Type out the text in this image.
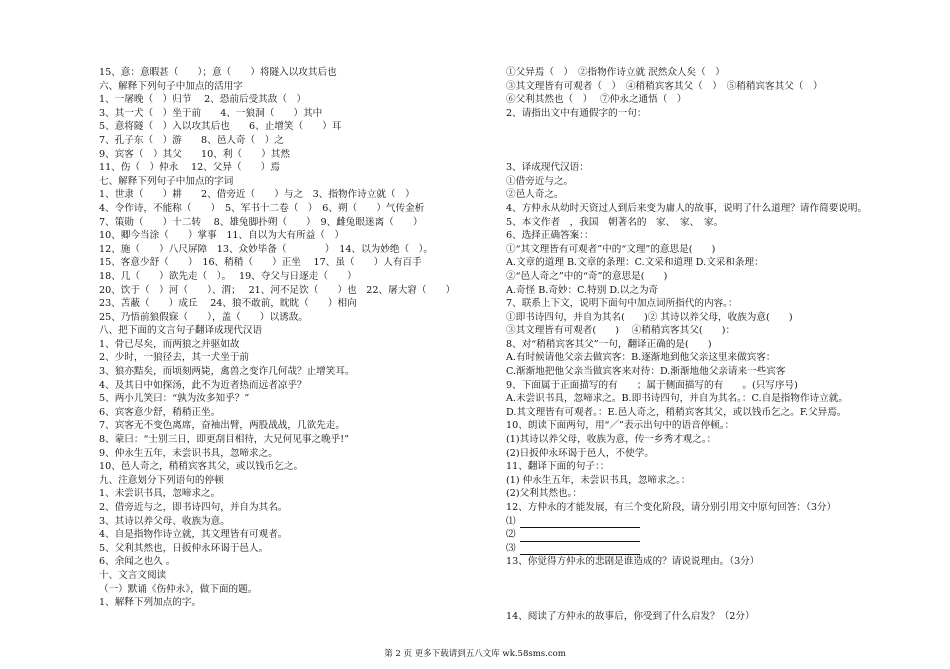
15、意：意暇甚（　　）；意（　　）将隧入以攻其后也
六、解释下列句子中加点的活用字
1、一屠晚（　）归节　 2、恐前后受其敌（　）
3、其一犬（　）坐于前　　4、一狼洞（　　）其中
5、意将隧（　）入以攻其后也　　6、止增笑（　　）耳
7、孔子东（　）游　　8、邑人奇（　）之
9、宾客（　）其父　　10、利（　　）其然
11、伤（　）仲永　 12、父异（　　）焉
七、解释下列句子中加点的字词
1、世隶（　　）耕　　2、借旁近（　　）与之　3、指物作诗立就（　）
4、令作诗，不能称（　　）　5、军书十二卷（　）　6、朔（　　）气传金析
7、策勋（　　）十二转　 8、雄兔脚扑朔（　　）　9、雌兔眼迷离（　　）
10、卿今当涂（　　）掌事　11、自以为大有所益（　）
12、施（　　）八尺屏障　13、众妙毕备（　　　　）　14、以为妙绝（　）。
15、客意少舒（　　）　16、稍稍（　　）正坐　 17、虽（　　）人有百手
18、几（　　）欲先走（　）。　 19、夺父与日逐走（　　）
20、饮于（　）河（　　）、渭；　 21、河不足饮（　　）也　22、屠大窘（　　）
23、苫蔽（　　）成丘　 24、狼不敢前，眈眈（　　）相向
25、乃悟前狼假寐（　　），盖（　　）以诱敌。
八、把下面的文言句子翻译成现代汉语
1、骨已尽矣，而两狼之并驱如故
2、少时，一狼径去，其一犬坐于前
3、狼亦黠矣，而顷刻两毙，禽兽之变诈几何哉？止增笑耳。
4、及其日中如探汤，此不为近者热而远者凉乎？
5、两小儿笑曰：“孰为汝多知乎？”
6、宾客意少舒，稍稍正坐。
7、宾客无不变色离席，奋袖出臂，两股战战，几欲先走。
8、蒙曰：“士别三日，即更刮目相待，大兄何见事之晚乎!”
9、仲永生五年，未尝识书具，忽啼求之。
10、邑人奇之，稍稍宾客其父，或以钱币乞之。
九、注意划分下列语句的停顿
1、未尝识书具，忽啼求之。
2、借旁近与之，即书诗四句，并自为其名。
3、其诗以养父母、收族为意。
4、自是指物作诗立就，其文理皆有可观者。
5、父利其然也，日扳仲永环谒于邑人。
6、余闻之也久 。
十、文言文阅读
（一）默诵《伤仲永》，做下面的题。
1、解释下列加点的字。
①父异焉（　）　②指物作诗立就 泯然众人矣（　）
③其文理皆有可观者（　）　④稍稍宾客其父（　）　⑤稍稍宾客其父（　）
⑥父利其然也（　）　 ⑦仲永之通悟（　）
2、请指出文中有通假字的一句：
3、译成现代汉语：
①借旁近与之。
②邑人奇之。
4、方仲永从幼时天资过人到后来变为庸人的故事，说明了什么道理？请作简要说明。
5、本文作者　，我国　朝著名的　家、　家、　家。
6、选择正确答案：：
①“其文理皆有可观者”中的“文理”的意思是(　　)
A.文章的道理 B.文章的条理：C.文采和道理 D.文采和条理：
②“邑人奇之”中的“奇”的意思是(　　)
A.奇怪 B.奇妙：C.特别 D.以之为奇
7、联系上下文，说明下面句中加点词所指代的内容。：
①即书诗四句，并自为其名(　　)② 其诗以养父母，收族为意(　　)
③其文理皆有可观者(　　)　 ④稍稍宾客其父(　　)：
8、对“稍稍宾客其父”一句，翻译正确的是(　　)
A.有时候请他父亲去做宾客：B.逐渐地到他父亲这里来做宾客：
C.渐渐地把他父亲当做宾客来对待：D.渐渐地他父亲请来一些宾客
9、下面属于正面描写的有　　；属于侧面描写的有　　。(只写序号)
A.未尝识书具，忽啼求之。B.即书诗四句，并自为其名。：C.自是指物作诗立就。
D.其文理皆有可观者。：E.邑人奇之，稍稍宾客其父，或以钱币乞之。F.父异焉。
10、朗读下面两句，用“／”表示出句中的语音停顿。：
(1)其诗以养父母，收族为意，传一乡秀才观之。：
(2)日扳仲永环谒于邑人，不使学。
11、翻译下面的句子：：
(1) 仲永生五年，未尝识书具，忽啼求之。：
(2)父利其然也。：
12、方仲永的才能发展，有三个变化阶段，请分别引用文中原句回答：（3分）
⑴
⑵
⑶
13、你觉得方仲永的悲剧是谁造成的？请说说理由。（3分）
14、阅读了方仲永的故事后，你受到了什么启发？（2分）
第 2 页 更多下载请到五八文库 wk.58sms.com
